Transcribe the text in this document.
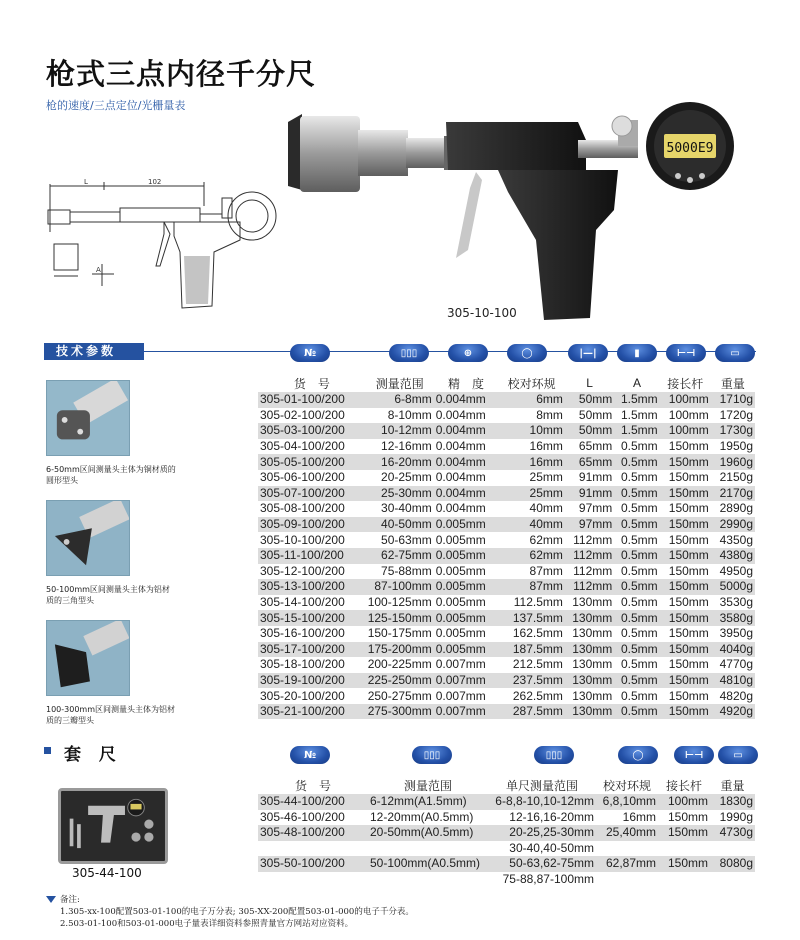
枪式三点内径千分尺
枪的速度/三点定位/光栅量表
L	102
A
5000E9
305-10-100
技术参数	№	▯▯▯	⊕	◯	|—|	▮	⊢⊣	▭
货　号	测量范围	精　度	校对环规	L	A	接长杆	重量
305-01-100/200	6-8mm	0.004mm	6mm	50mm	1.5mm	100mm	1710g
305-02-100/200	8-10mm	0.004mm	8mm	50mm	1.5mm	100mm	1720g
305-03-100/200	10-12mm	0.004mm	10mm	50mm	1.5mm	100mm	1730g
305-04-100/200	12-16mm	0.004mm	16mm	65mm	0.5mm	150mm	1950g
305-05-100/200	16-20mm	0.004mm	16mm	65mm	0.5mm	150mm	1960g
305-06-100/200	20-25mm	0.004mm	25mm	91mm	0.5mm	150mm	2150g
305-07-100/200	25-30mm	0.004mm	25mm	91mm	0.5mm	150mm	2170g
305-08-100/200	30-40mm	0.004mm	40mm	97mm	0.5mm	150mm	2890g
305-09-100/200	40-50mm	0.005mm	40mm	97mm	0.5mm	150mm	2990g
305-10-100/200	50-63mm	0.005mm	62mm	112mm	0.5mm	150mm	4350g
305-11-100/200	62-75mm	0.005mm	62mm	112mm	0.5mm	150mm	4380g
305-12-100/200	75-88mm	0.005mm	87mm	112mm	0.5mm	150mm	4950g
305-13-100/200	87-100mm	0.005mm	87mm	112mm	0.5mm	150mm	5000g
305-14-100/200	100-125mm	0.005mm	112.5mm	130mm	0.5mm	150mm	3530g
305-15-100/200	125-150mm	0.005mm	137.5mm	130mm	0.5mm	150mm	3580g
305-16-100/200	150-175mm	0.005mm	162.5mm	130mm	0.5mm	150mm	3950g
305-17-100/200	175-200mm	0.005mm	187.5mm	130mm	0.5mm	150mm	4040g
305-18-100/200	200-225mm	0.007mm	212.5mm	130mm	0.5mm	150mm	4770g
305-19-100/200	225-250mm	0.007mm	237.5mm	130mm	0.5mm	150mm	4810g
305-20-100/200	250-275mm	0.007mm	262.5mm	130mm	0.5mm	150mm	4820g
305-21-100/200	275-300mm	0.007mm	287.5mm	130mm	0.5mm	150mm	4920g
6-50mm区间测量头主体为铜材质的圆形型头
50-100mm区间测量头主体为铝材质的三角型头
100-300mm区间测量头主体为铝材质的三瓣型头
套 尺	№	▯▯▯	▯▯▯	◯	⊢⊣	▭
货　号	测量范围	单尺测量范围	校对环规	接长杆	重量
305-44-100/200	6-12mm(A1.5mm)	6-8,8-10,10-12mm	6,8,10mm	100mm	1830g
305-46-100/200	12-20mm(A0.5mm)	12-16,16-20mm	16mm	150mm	1990g
305-48-100/200	20-50mm(A0.5mm)	20-25,25-30mm	25,40mm	150mm	4730g
		30-40,40-50mm			
305-50-100/200	50-100mm(A0.5mm)	50-63,62-75mm	62,87mm	150mm	8080g
		75-88,87-100mm			
305-44-100
备注:
1.305-xx-100配置503-01-100的电子万分表; 305-XX-200配置503-01-000的电子千分表。
2.503-01-100和503-01-000电子量表详细资料参照青量官方网站对应资料。
